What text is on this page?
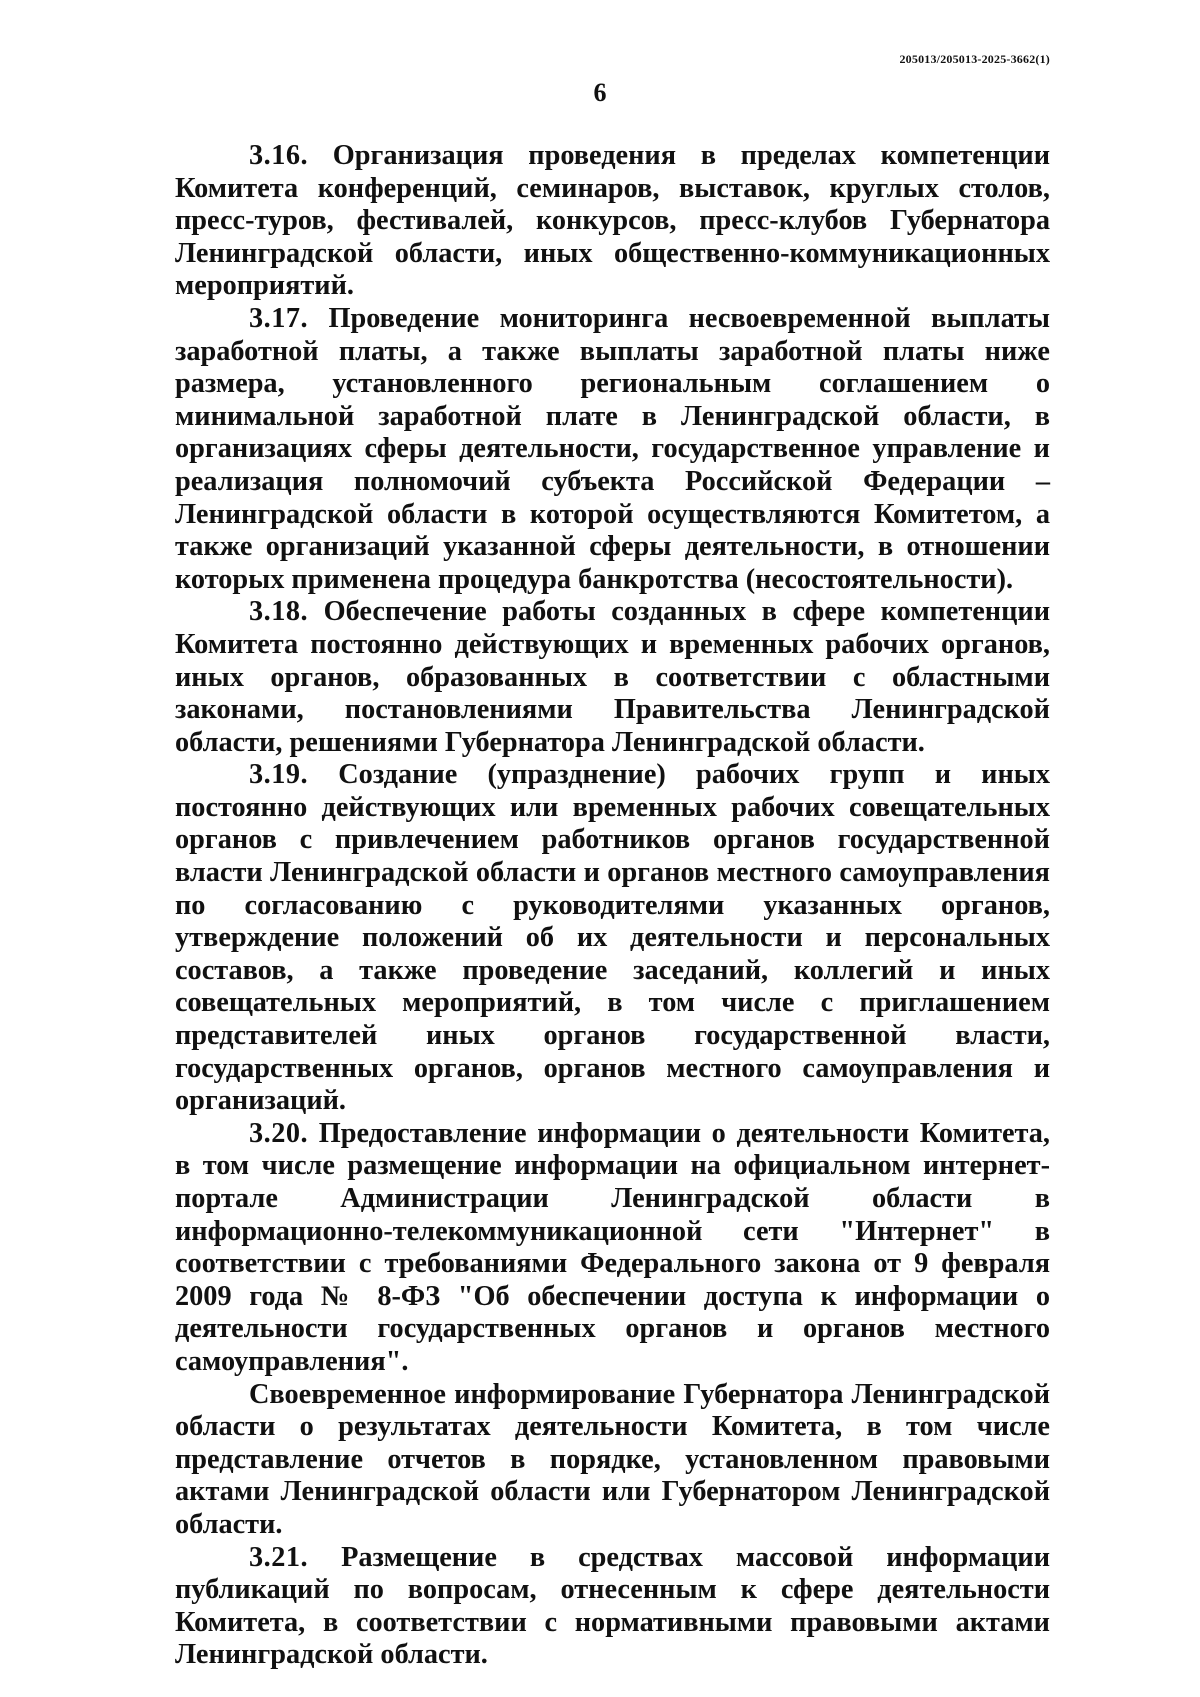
205013/205013-2025-3662(1)
6

3.16. Организация проведения в пределах компетенции Комитета конференций, семинаров, выставок, круглых столов, пресс-туров, фестивалей, конкурсов, пресс-клубов Губернатора Ленинградской области, иных общественно-коммуникационных мероприятий.

3.17. Проведение мониторинга несвоевременной выплаты заработной платы, а также выплаты заработной платы ниже размера, установленного региональным соглашением о минимальной заработной плате в Ленинградской области, в организациях сферы деятельности, государственное управление и реализация полномочий субъекта Российской Федерации – Ленинградской области в которой осуществляются Комитетом, а также организаций указанной сферы деятельности, в отношении которых применена процедура банкротства (несостоятельности).

3.18. Обеспечение работы созданных в сфере компетенции Комитета постоянно действующих и временных рабочих органов, иных органов, образованных в соответствии с областными законами, постановлениями Правительства Ленинградской области, решениями Губернатора Ленинградской области.

3.19. Создание (упразднение) рабочих групп и иных постоянно действующих или временных рабочих совещательных органов с привлечением работников органов государственной власти Ленинградской области и органов местного самоуправления по согласованию с руководителями указанных органов, утверждение положений об их деятельности и персональных составов, а также проведение заседаний, коллегий и иных совещательных мероприятий, в том числе с приглашением представителей иных органов государственной власти, государственных органов, органов местного самоуправления и организаций.

3.20. Предоставление информации о деятельности Комитета, в том числе размещение информации на официальном интернет-портале Администрации Ленинградской области в информационно-телекоммуникационной сети "Интернет" в соответствии с требованиями Федерального закона от 9 февраля 2009 года № 8-ФЗ "Об обеспечении доступа к информации о деятельности государственных органов и органов местного самоуправления".

Своевременное информирование Губернатора Ленинградской области о результатах деятельности Комитета, в том числе представление отчетов в порядке, установленном правовыми актами Ленинградской области или Губернатором Ленинградской области.

3.21. Размещение в средствах массовой информации публикаций по вопросам, отнесенным к сфере деятельности Комитета, в соответствии с нормативными правовыми актами Ленинградской области.
